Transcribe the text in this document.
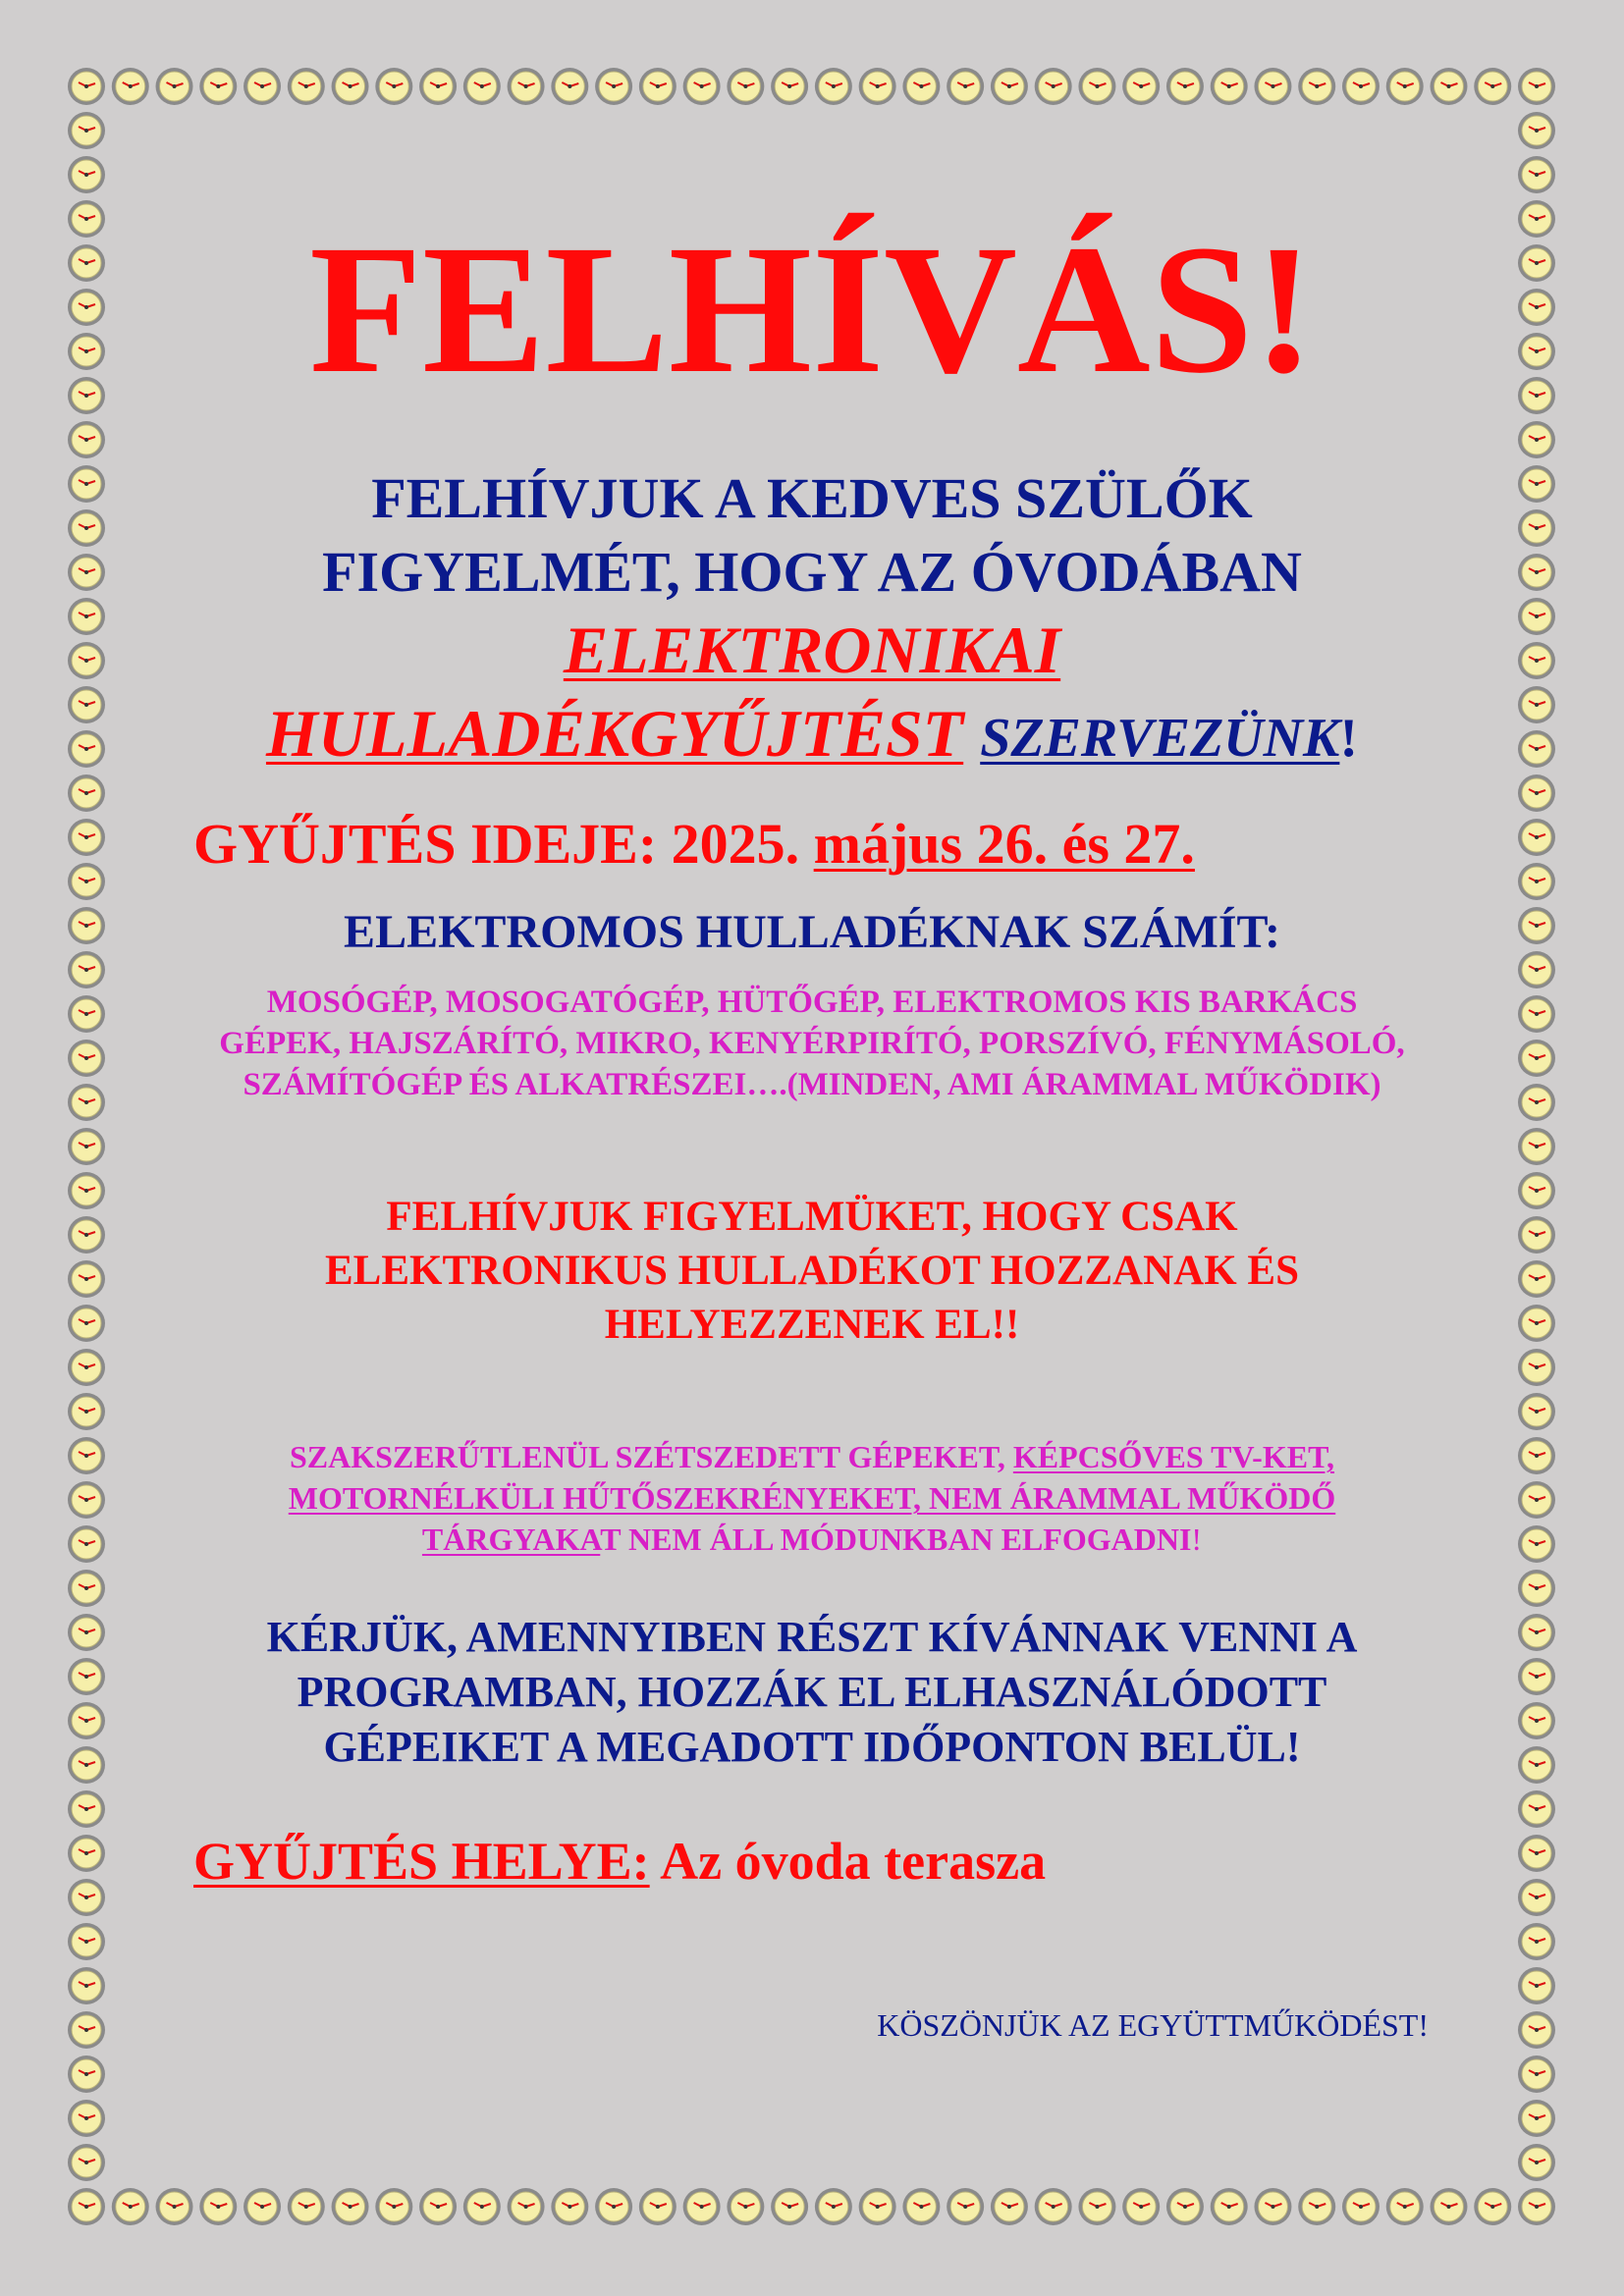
FELHÍVÁS!
FELHÍVJUK A KEDVES SZÜLŐK
FIGYELMÉT, HOGY AZ ÓVODÁBAN
ELEKTRONIKAI
HULLADÉKGYŰJTÉST SZERVEZÜNK!
GYŰJTÉS IDEJE: 2025. május 26. és 27.
ELEKTROMOS HULLADÉKNAK SZÁMÍT:
MOSÓGÉP, MOSOGATÓGÉP, HÜTŐGÉP, ELEKTROMOS KIS BARKÁCS
GÉPEK, HAJSZÁRÍTÓ, MIKRO, KENYÉRPIRÍTÓ, PORSZÍVÓ, FÉNYMÁSOLÓ,
SZÁMÍTÓGÉP ÉS ALKATRÉSZEI….(MINDEN, AMI ÁRAMMAL MŰKÖDIK)
FELHÍVJUK FIGYELMÜKET, HOGY CSAK
ELEKTRONIKUS HULLADÉKOT HOZZANAK ÉS
HELYEZZENEK EL!!
SZAKSZERŰTLENÜL SZÉTSZEDETT GÉPEKET, KÉPCSŐVES TV-KET,
MOTORNÉLKÜLI HŰTŐSZEKRÉNYEKET, NEM ÁRAMMAL MŰKÖDŐ
TÁRGYAKAT NEM ÁLL MÓDUNKBAN ELFOGADNI!
KÉRJÜK, AMENNYIBEN RÉSZT KÍVÁNNAK VENNI A
PROGRAMBAN, HOZZÁK EL ELHASZNÁLÓDOTT
GÉPEIKET A MEGADOTT IDŐPONTON BELÜL!
GYŰJTÉS HELYE: Az óvoda terasza
KÖSZÖNJÜK AZ EGYÜTTMŰKÖDÉST!
